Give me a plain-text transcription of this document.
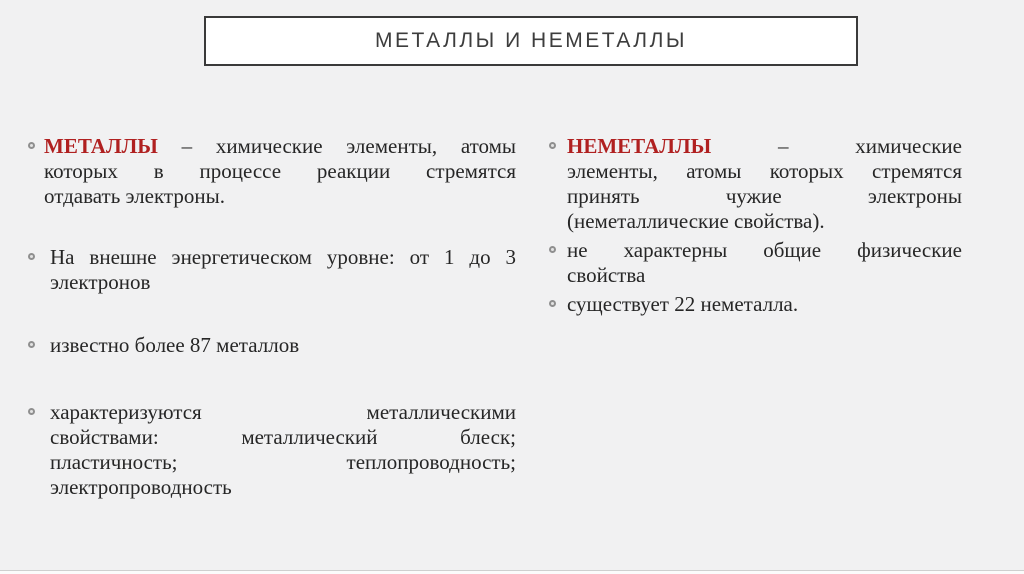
МЕТАЛЛЫ И НЕМЕТАЛЛЫ
МЕТАЛЛЫ – химические элементы, атомы
которых в процессе реакции стремятся
отдавать электроны.
На внешне энергетическом уровне: от 1 до 3
электронов
известно более 87 металлов
характеризуются металлическими
свойствами: металлический блеск;
пластичность; теплопроводность;
электропроводность
НЕМЕТАЛЛЫ – химические
элементы, атомы которых стремятся
принять чужие электроны
(неметаллические свойства).
не характерны общие физические
свойства
существует 22 неметалла.
